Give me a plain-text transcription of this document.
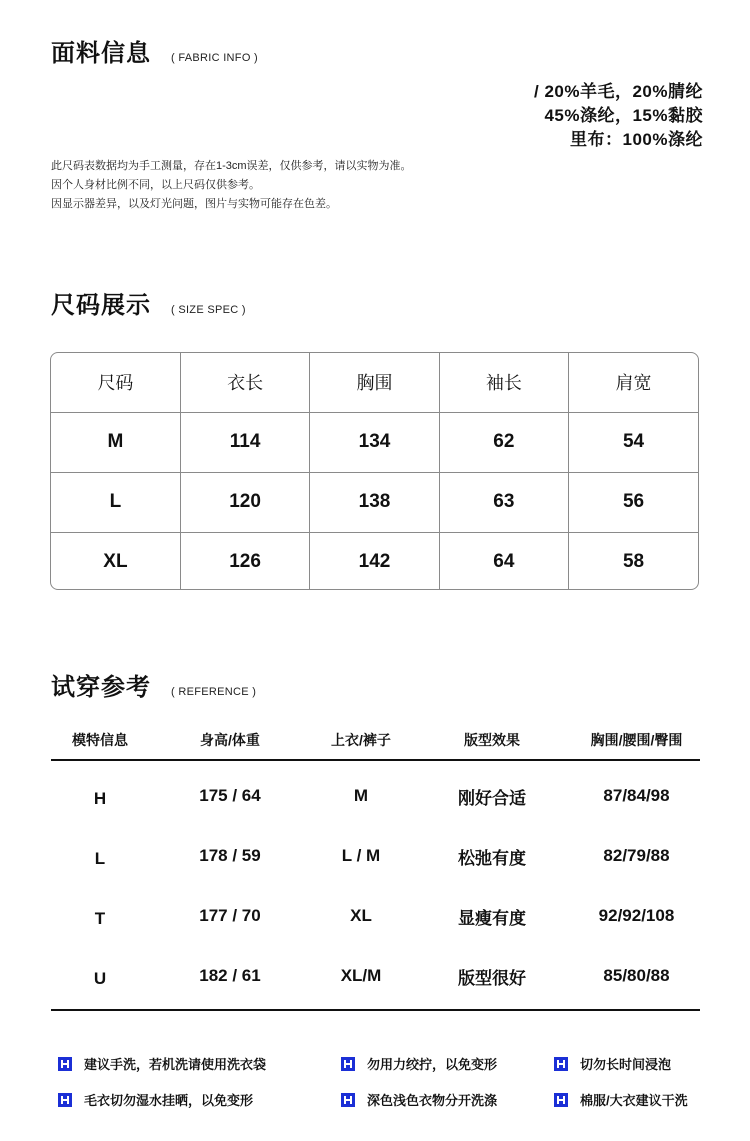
面料信息 ( FABRIC INFO )
/ 20%羊毛，20%腈纶
45%涤纶，15%黏胶
里布：100%涤纶
此尺码表数据均为手工测量，存在1-3cm误差，仅供参考，请以实物为准。
因个人身材比例不同，以上尺码仅供参考。
因显示器差异，以及灯光问题，图片与实物可能存在色差。
尺码展示 ( SIZE SPEC )
尺码	衣长	胸围	袖长	肩宽
M	114	134	62	54
L	120	138	63	56
XL	126	142	64	58
试穿参考 ( REFERENCE )
模特信息	身高/体重	上衣/裤子	版型效果	胸围/腰围/臀围
H	175 / 64	M	刚好合适	87/84/98
L	178 / 59	L / M	松弛有度	82/79/88
T	177 / 70	XL	显瘦有度	92/92/108
U	182 / 61	XL/M	版型很好	85/80/88
建议手洗，若机洗请使用洗衣袋	勿用力绞拧，以免变形	切勿长时间浸泡
毛衣切勿湿水挂晒，以免变形	深色浅色衣物分开洗涤	棉服/大衣建议干洗
